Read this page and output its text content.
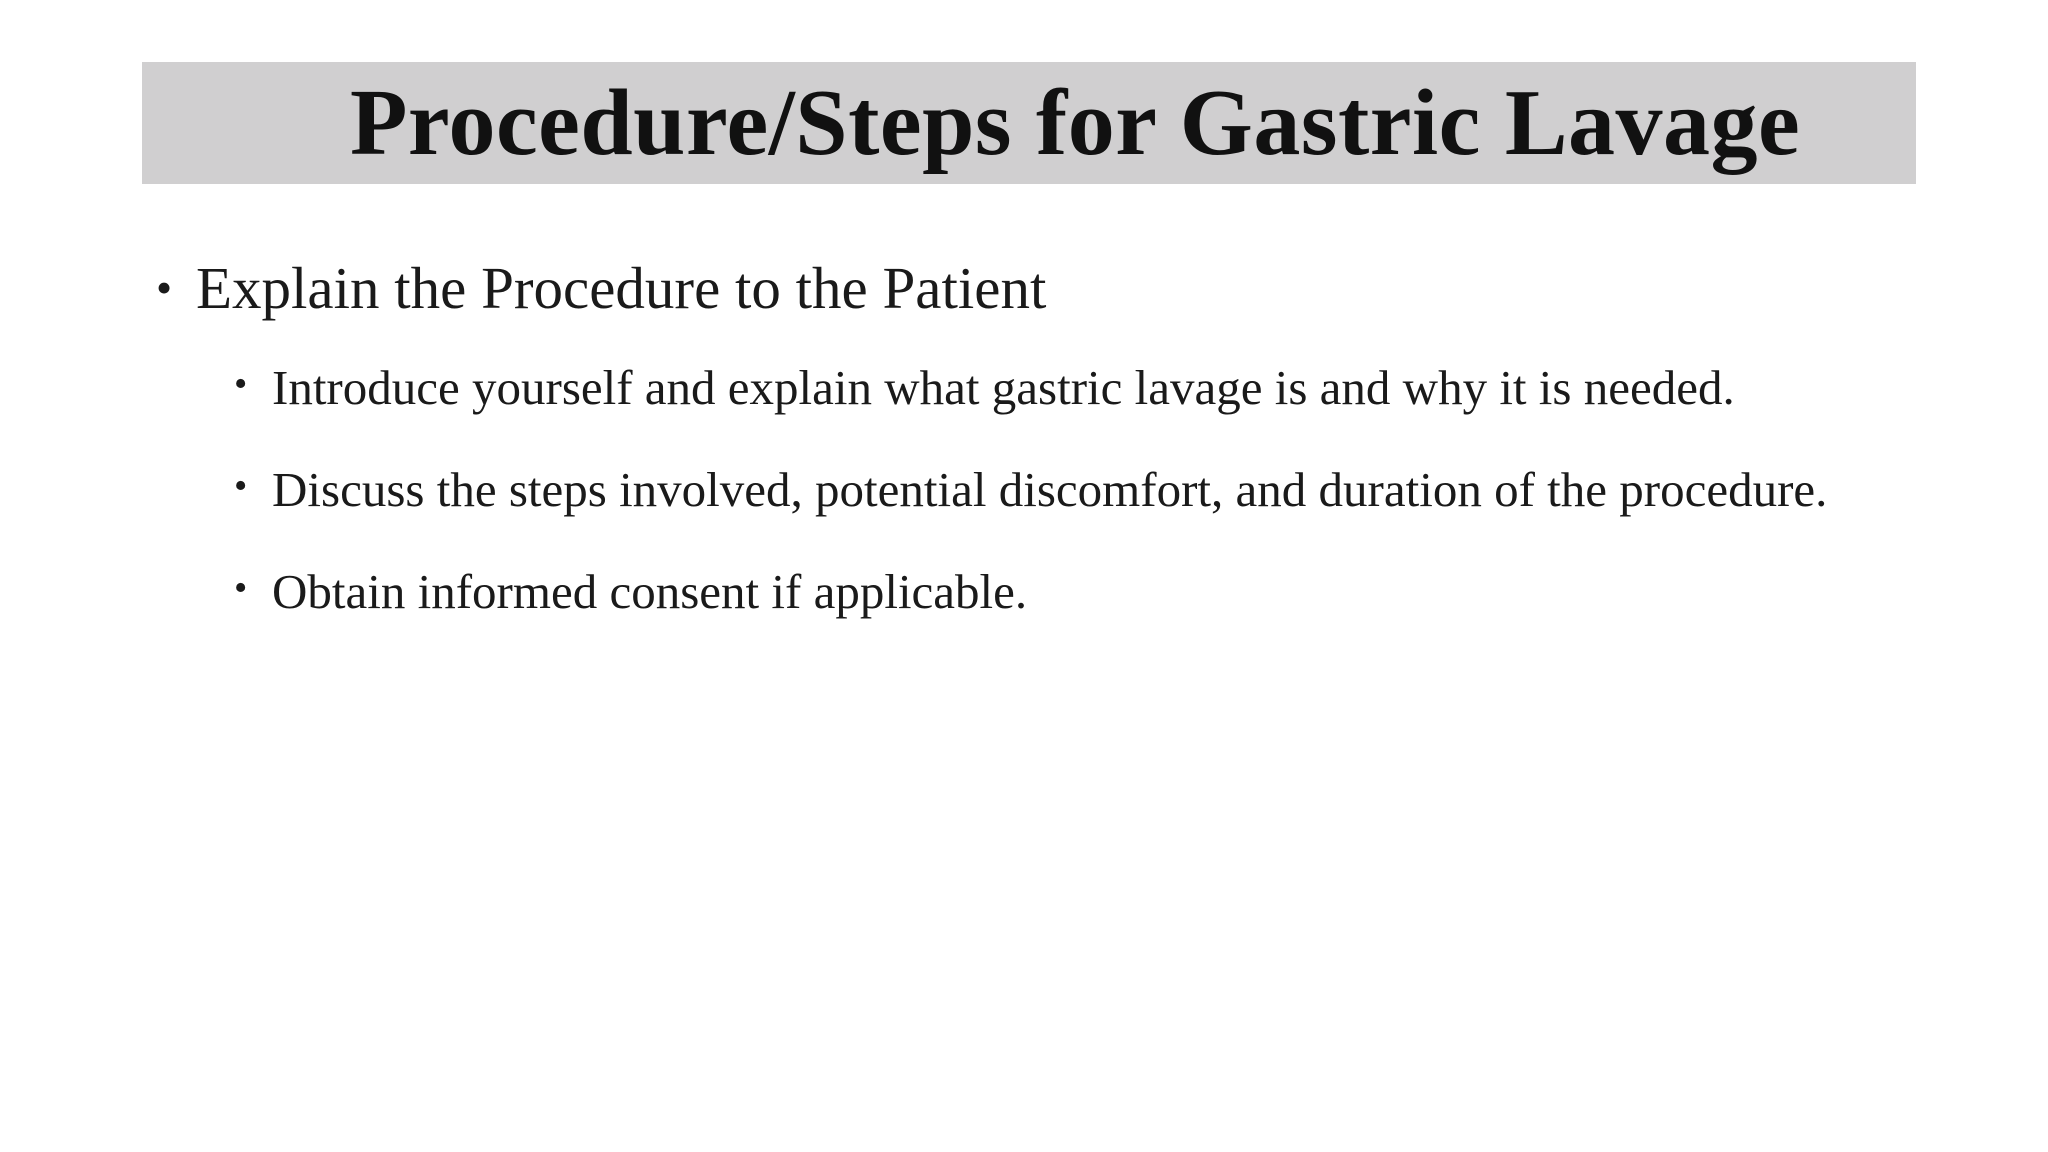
Procedure/Steps for Gastric Lavage
• Explain the Procedure to the Patient
• Introduce yourself and explain what gastric lavage is and why it is needed.
• Discuss the steps involved, potential discomfort, and duration of the procedure.
• Obtain informed consent if applicable.
